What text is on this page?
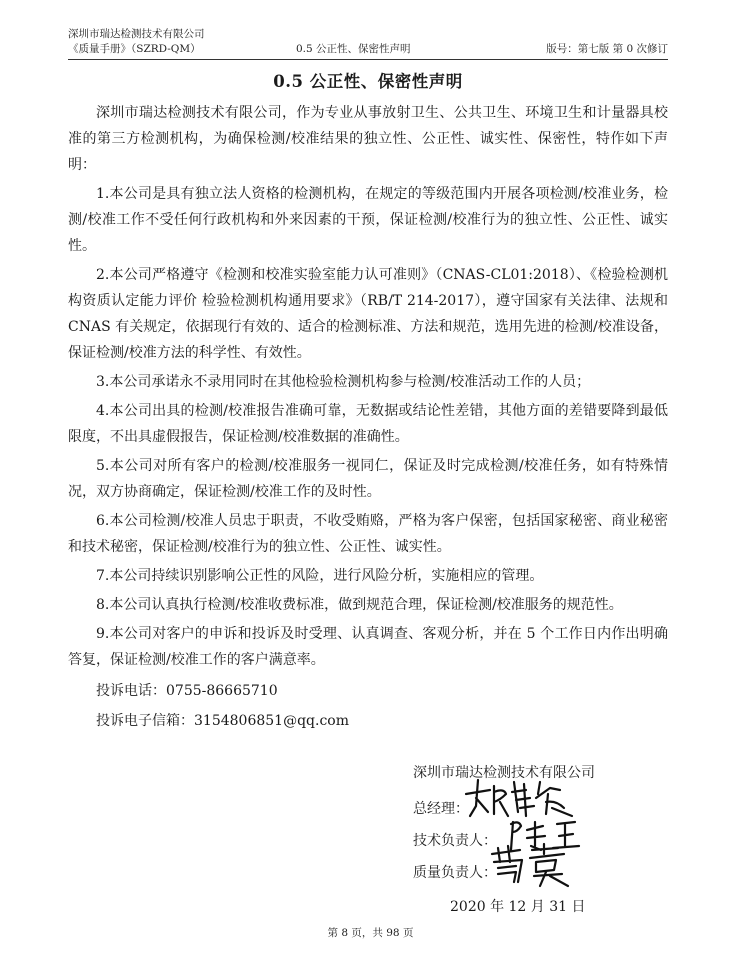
深圳市瑞达检测技术有限公司
《质量手册》（SZRD-QM）	0.5 公正性、保密性声明	版号：第七版 第 0 次修订
0.5 公正性、保密性声明

深圳市瑞达检测技术有限公司，作为专业从事放射卫生、公共卫生、环境卫生和计量器具校准的第三方检测机构，为确保检测/校准结果的独立性、公正性、诚实性、保密性，特作如下声明：

1.本公司是具有独立法人资格的检测机构，在规定的等级范围内开展各项检测/校准业务，检测/校准工作不受任何行政机构和外来因素的干预，保证检测/校准行为的独立性、公正性、诚实性。

2.本公司严格遵守《检测和校准实验室能力认可准则》（CNAS-CL01:2018）、《检验检测机构资质认定能力评价 检验检测机构通用要求》（RB/T 214-2017），遵守国家有关法律、法规和 CNAS 有关规定，依据现行有效的、适合的检测标准、方法和规范，选用先进的检测/校准设备，保证检测/校准方法的科学性、有效性。

3.本公司承诺永不录用同时在其他检验检测机构参与检测/校准活动工作的人员；

4.本公司出具的检测/校准报告准确可靠，无数据或结论性差错，其他方面的差错要降到最低限度，不出具虚假报告，保证检测/校准数据的准确性。

5.本公司对所有客户的检测/校准服务一视同仁，保证及时完成检测/校准任务，如有特殊情况，双方协商确定，保证检测/校准工作的及时性。

6.本公司检测/校准人员忠于职责，不收受贿赂，严格为客户保密，包括国家秘密、商业秘密和技术秘密，保证检测/校准行为的独立性、公正性、诚实性。

7.本公司持续识别影响公正性的风险，进行风险分析，实施相应的管理。

8.本公司认真执行检测/校准收费标准，做到规范合理，保证检测/校准服务的规范性。

9.本公司对客户的申诉和投诉及时受理、认真调查、客观分析，并在 5 个工作日内作出明确答复，保证检测/校准工作的客户满意率。

投诉电话：0755-86665710

投诉电子信箱：3154806851@qq.com

深圳市瑞达检测技术有限公司
总经理：
技术负责人：
质量负责人：
2020 年 12 月 31 日
第 8 页，共 98 页
